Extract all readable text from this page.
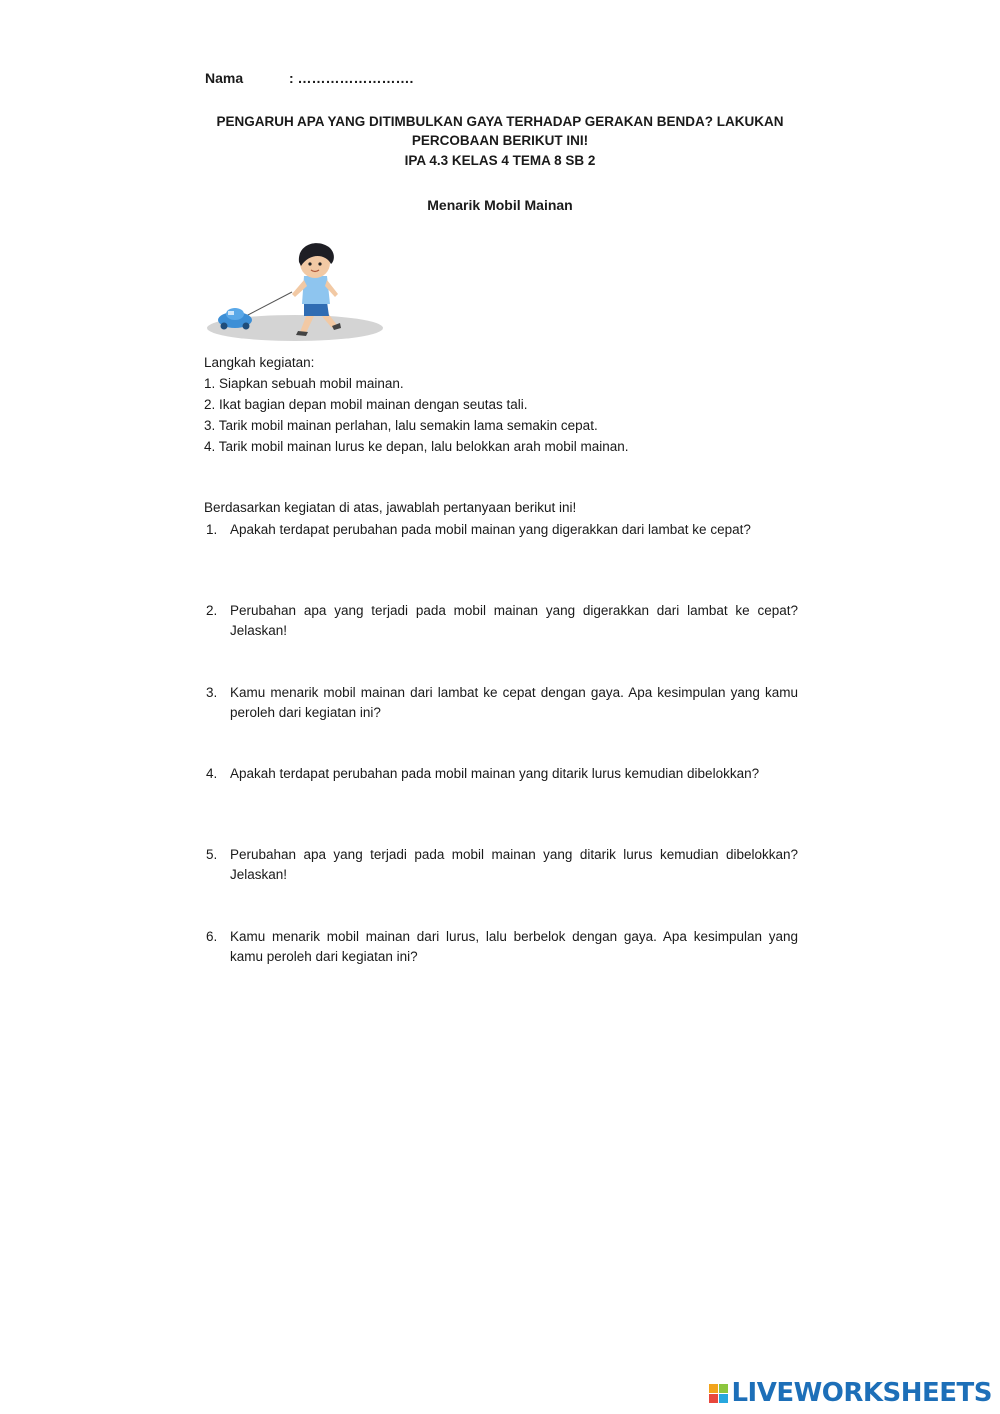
Nama	: …………………….
PENGARUH APA YANG DITIMBULKAN GAYA TERHADAP GERAKAN BENDA? LAKUKAN PERCOBAAN BERIKUT INI!
IPA 4.3 KELAS 4 TEMA 8 SB 2
Menarik Mobil Mainan
Langkah kegiatan:
1. Siapkan sebuah mobil mainan.
2. Ikat bagian depan mobil mainan dengan seutas tali.
3. Tarik mobil mainan perlahan, lalu semakin lama semakin cepat.
4. Tarik mobil mainan lurus ke depan, lalu belokkan arah mobil mainan.
Berdasarkan kegiatan di atas, jawablah pertanyaan berikut ini!
1. Apakah terdapat perubahan pada mobil mainan yang digerakkan dari lambat ke cepat?
2. Perubahan apa yang terjadi pada mobil mainan yang digerakkan dari lambat ke cepat? Jelaskan!
3. Kamu menarik mobil mainan dari lambat ke cepat dengan gaya. Apa kesimpulan yang kamu peroleh dari kegiatan ini?
4. Apakah terdapat perubahan pada mobil mainan yang ditarik lurus kemudian dibelokkan?
5. Perubahan apa yang terjadi pada mobil mainan yang ditarik lurus kemudian dibelokkan? Jelaskan!
6. Kamu menarik mobil mainan dari lurus, lalu berbelok dengan gaya. Apa kesimpulan yang kamu peroleh dari kegiatan ini?
LIVEWORKSHEETS
